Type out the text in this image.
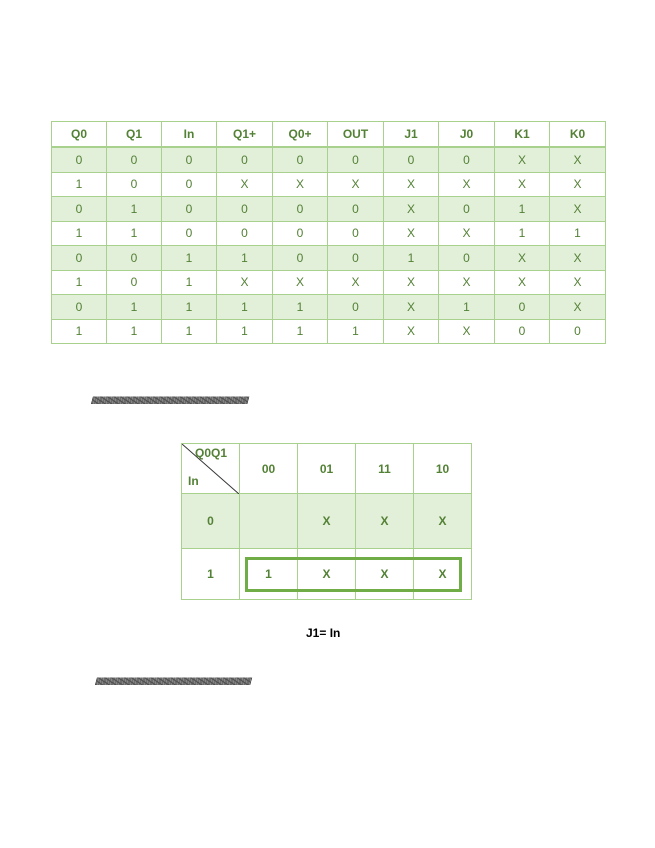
Q0	Q1	In	Q1+	Q0+	OUT	J1	J0	K1	K0
0	0	0	0	0	0	0	0	X	X
1	0	0	X	X	X	X	X	X	X
0	1	0	0	0	0	X	0	1	X
1	1	0	0	0	0	X	X	1	1
0	0	1	1	0	0	1	0	X	X
1	0	1	X	X	X	X	X	X	X
0	1	1	1	1	0	X	1	0	X
1	1	1	1	1	1	X	X	0	0
/////////////////////////////////////////////////////////////////////////////////////////////////////////////////////////////////////
Q0Q1
In	00	01	11	10
0		X	X	X
1	1	X	X	X
J1= In
////////////////////////////////////////////////////////////////////////////////////////////////////////////////////////////////////
